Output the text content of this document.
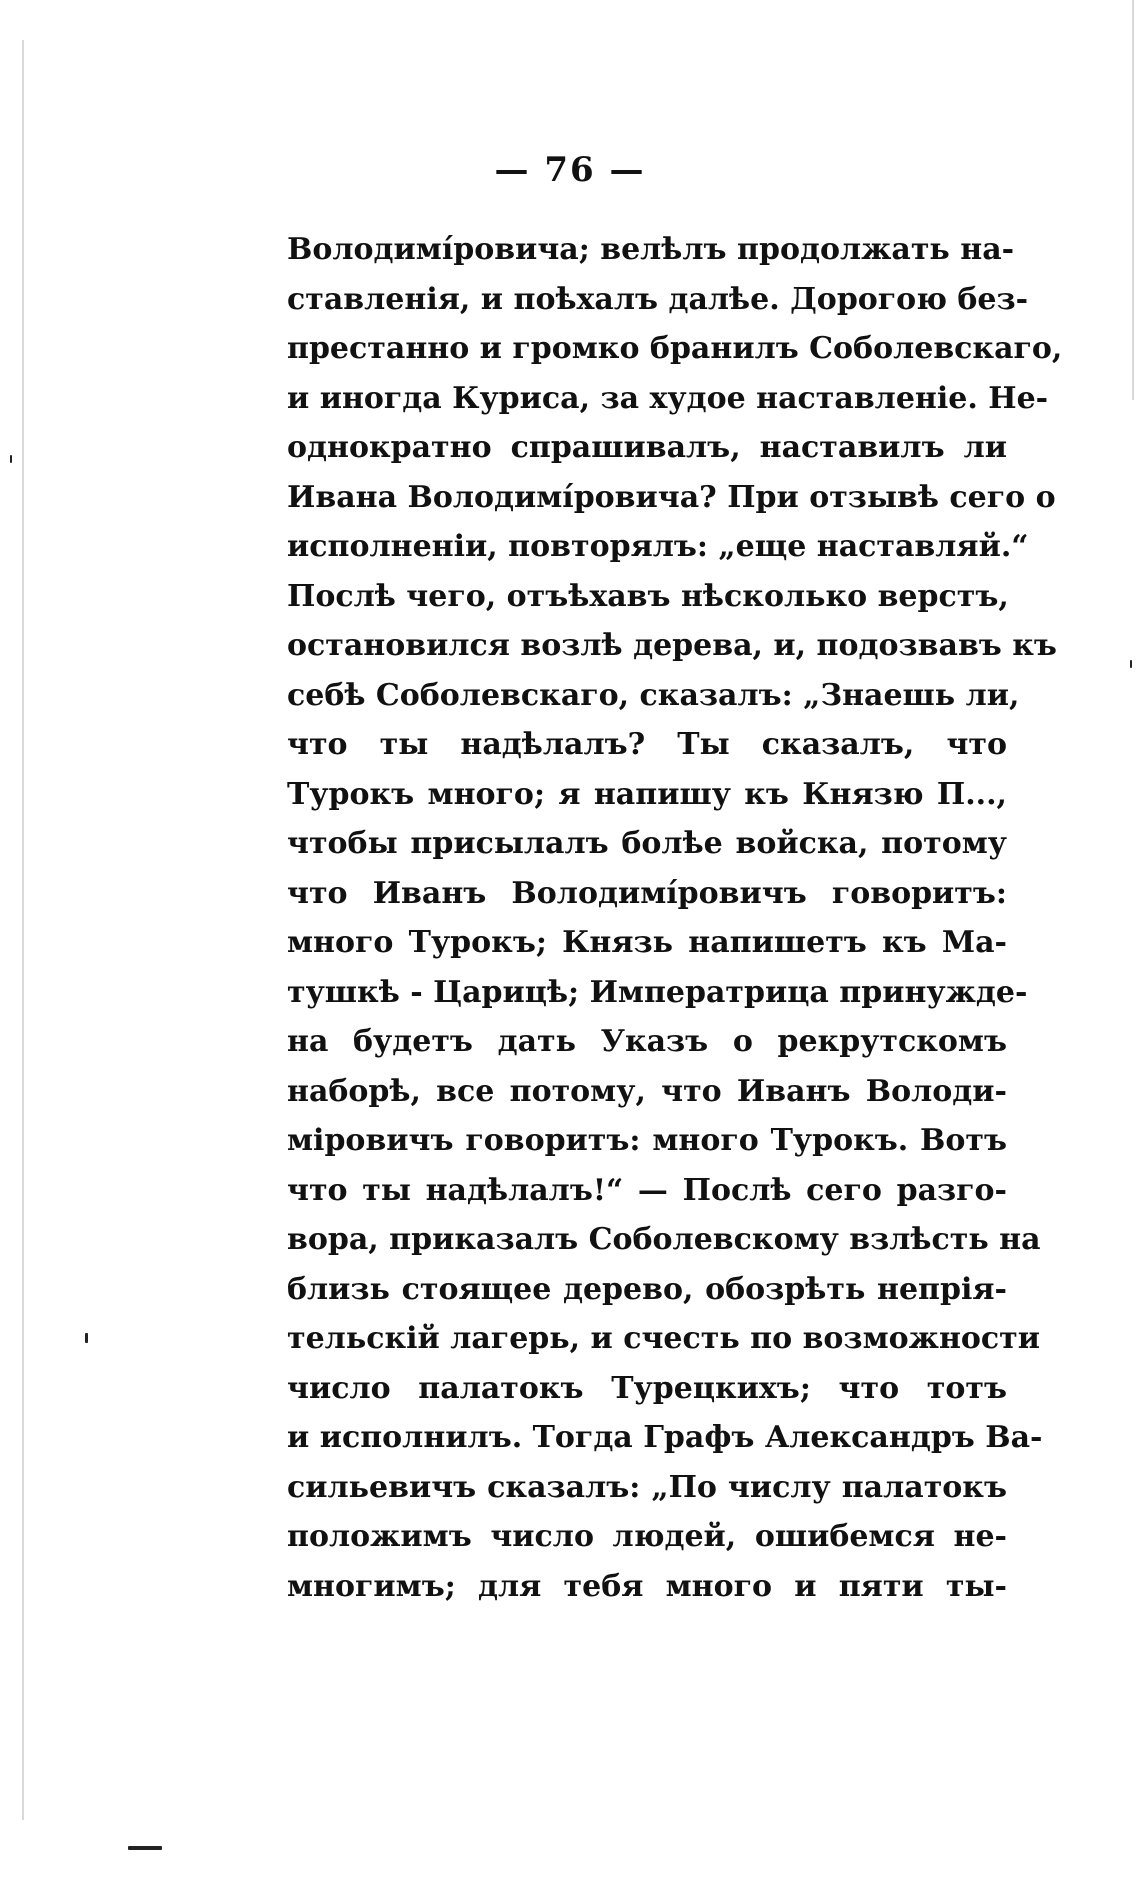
— 76 —
Володимíровича; велѣлъ продолжать на-
ставленія, и поѣхалъ далѣе. Дорогою без-
престанно и громко бранилъ Соболевскаго,
и иногда Куриса, за худое наставленіе. Не-
однократно спрашивалъ, наставилъ ли
Ивана Володимíровича? При отзывѣ сего о
исполненіи, повторялъ: „еще наставляй.“
Послѣ чего, отъѣхавъ нѣсколько верстъ,
остановился возлѣ дерева, и, подозвавъ къ
себѣ Соболевскаго, сказалъ: „Знаешь ли,
что ты надѣлалъ? Ты сказалъ, что
Турокъ много; я напишу къ Князю П...,
чтобы присылалъ болѣе войска, потому
что Иванъ Володимíровичъ говоритъ:
много Турокъ; Князь напишетъ къ Ма-
тушкѣ - Царицѣ; Императрица принужде-
на будетъ дать Указъ о рекрутскомъ
наборѣ, все потому, что Иванъ Володи-
міровичъ говоритъ: много Турокъ. Вотъ
что ты надѣлалъ!“ — Послѣ сего разго-
вора, приказалъ Соболевскому взлѣсть на
близь стоящее дерево, обозрѣть непрія-
тельскій лагерь, и счесть по возможности
число палатокъ Турецкихъ; что тотъ
и исполнилъ. Тогда Графъ Александръ Ва-
сильевичъ сказалъ: „По числу палатокъ
положимъ число людей, ошибемся не-
многимъ; для тебя много и пяти ты-
